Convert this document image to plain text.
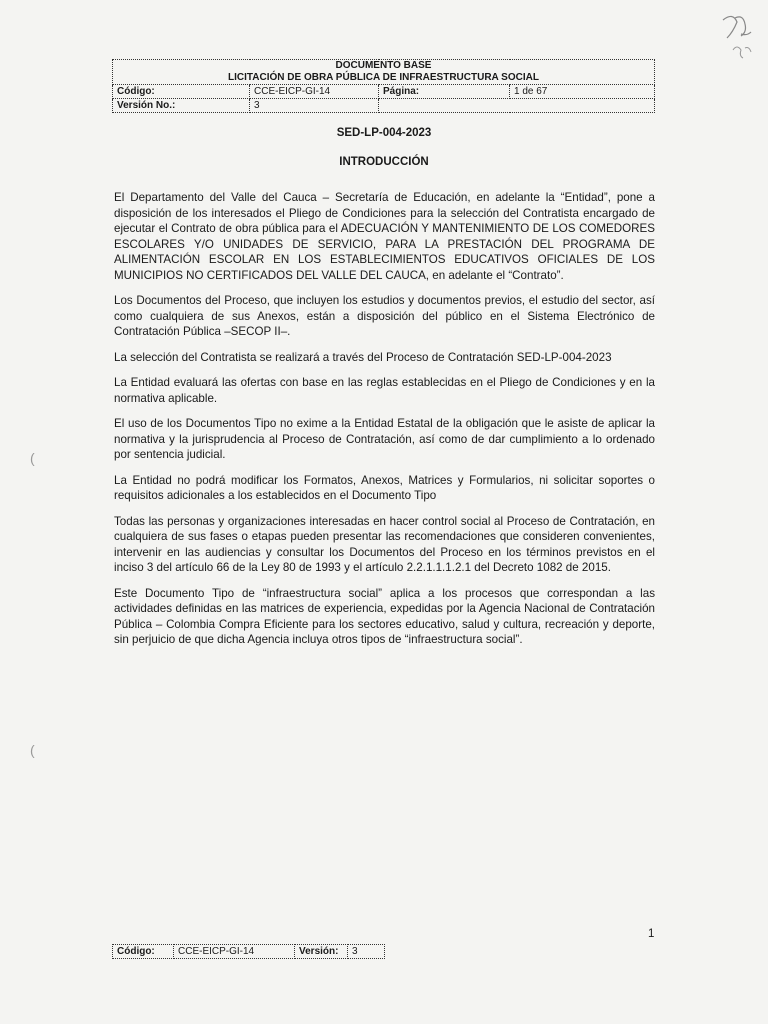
DOCUMENTO BASE
LICITACIÓN DE OBRA PÚBLICA DE INFRAESTRUCTURA SOCIAL			

Código:	CCE-EICP-GI-14	Página:	1 de 67
Versión No.:	3		
SED-LP-004-2023
INTRODUCCIÓN

El Departamento del Valle del Cauca – Secretaría de Educación, en adelante la “Entidad”, pone a disposición de los interesados el Pliego de Condiciones para la selección del Contratista encargado de ejecutar el Contrato de obra pública para el ADECUACIÓN Y MANTENIMIENTO DE LOS COMEDORES ESCOLARES Y/O UNIDADES DE SERVICIO, PARA LA PRESTACIÓN DEL PROGRAMA DE ALIMENTACIÓN ESCOLAR EN LOS ESTABLECIMIENTOS EDUCATIVOS OFICIALES DE LOS MUNICIPIOS NO CERTIFICADOS DEL VALLE DEL CAUCA, en adelante el “Contrato”.

Los Documentos del Proceso, que incluyen los estudios y documentos previos, el estudio del sector, así como cualquiera de sus Anexos, están a disposición del público en el Sistema Electrónico de Contratación Pública –SECOP II–.

La selección del Contratista se realizará a través del Proceso de Contratación SED-LP-004-2023

La Entidad evaluará las ofertas con base en las reglas establecidas en el Pliego de Condiciones y en la normativa aplicable.

El uso de los Documentos Tipo no exime a la Entidad Estatal de la obligación que le asiste de aplicar la normativa y la jurisprudencia al Proceso de Contratación, así como de dar cumplimiento a lo ordenado por sentencia judicial.

La Entidad no podrá modificar los Formatos, Anexos, Matrices y Formularios, ni solicitar soportes o requisitos adicionales a los establecidos en el Documento Tipo

Todas las personas y organizaciones interesadas en hacer control social al Proceso de Contratación, en cualquiera de sus fases o etapas pueden presentar las recomendaciones que consideren convenientes, intervenir en las audiencias y consultar los Documentos del Proceso en los términos previstos en el inciso 3 del artículo 66 de la Ley 80 de 1993 y el artículo 2.2.1.1.1.2.1 del Decreto 1082 de 2015.

Este Documento Tipo de “infraestructura social” aplica a los procesos que correspondan a las actividades definidas en las matrices de experiencia, expedidas por la Agencia Nacional de Contratación Pública – Colombia Compra Eficiente para los sectores educativo, salud y cultura, recreación y deporte, sin perjuicio de que dicha Agencia incluya otros tipos de “infraestructura social”.

1
Código:	CCE-EICP-GI-14	Versión:	3
(
(
